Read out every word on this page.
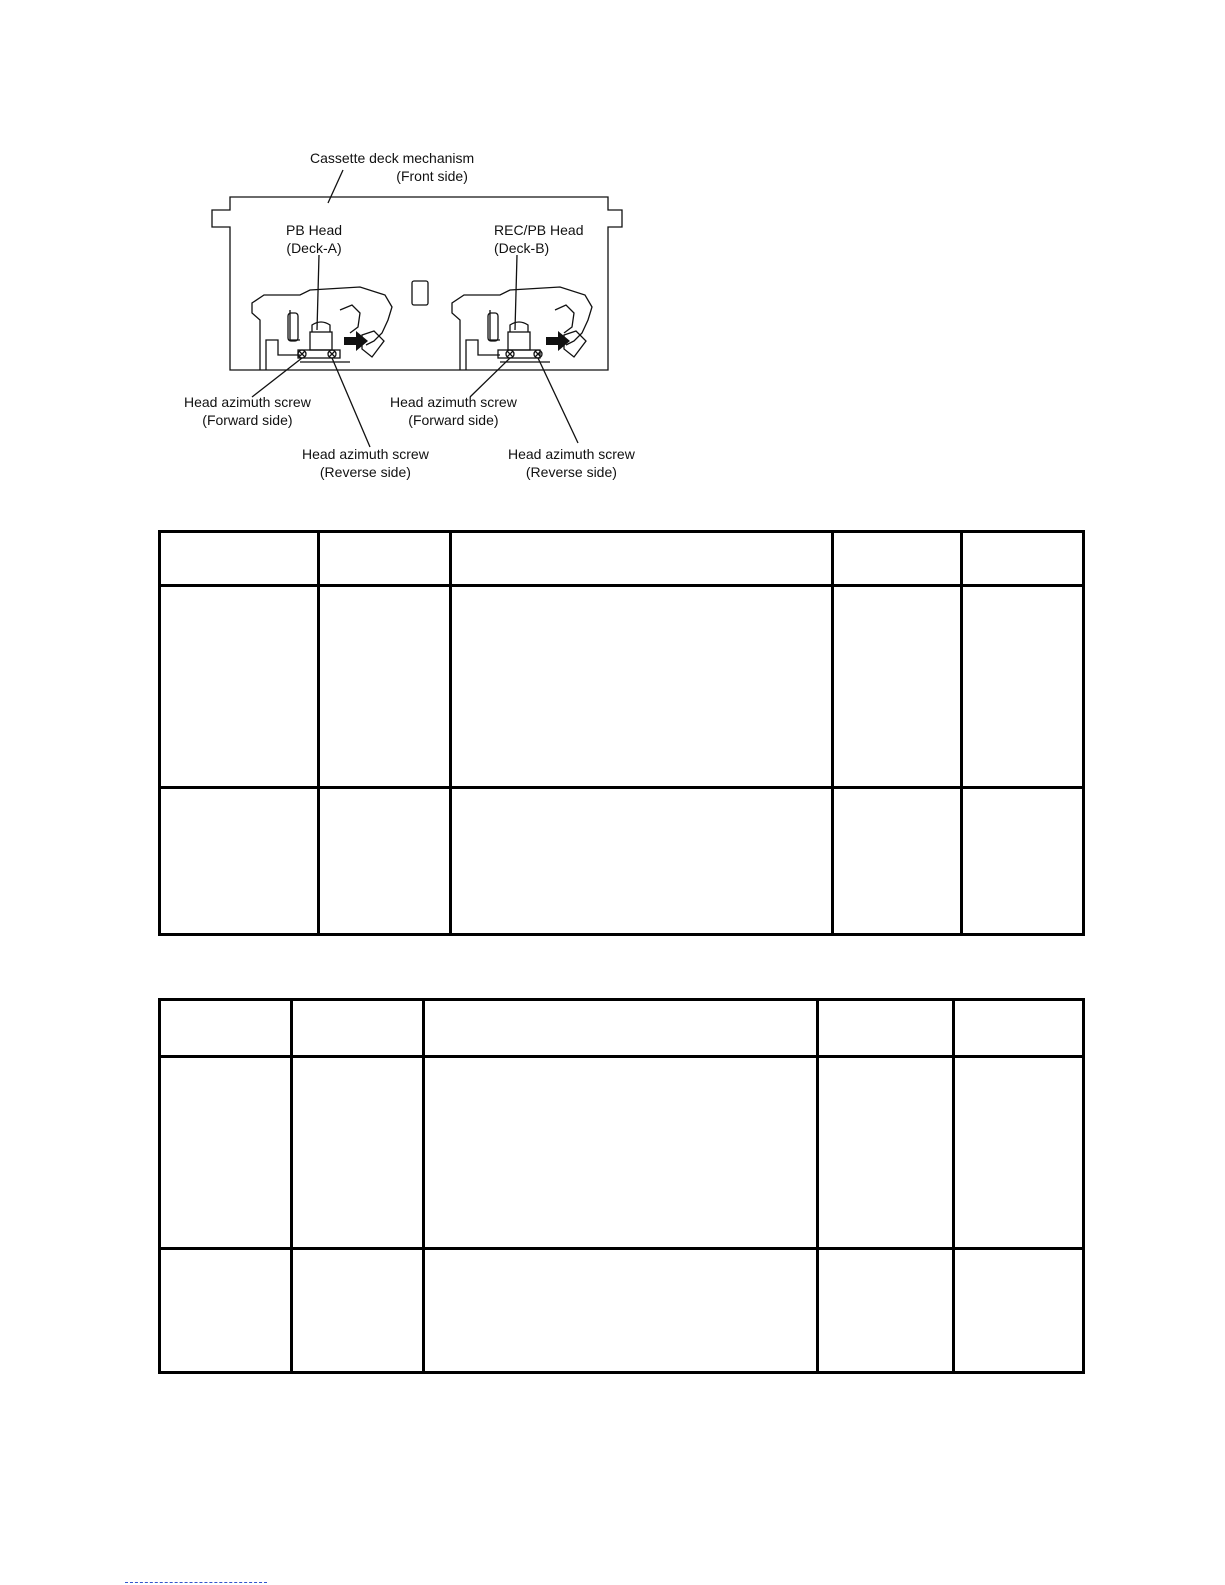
Cassette deck mechanism
(Front side)
PB Head
(Deck-A)
REC/PB Head
(Deck-B)
Head azimuth screw
(Forward side)
Head azimuth screw
(Forward side)
Head azimuth screw
(Reverse side)
Head azimuth screw
(Reverse side)
